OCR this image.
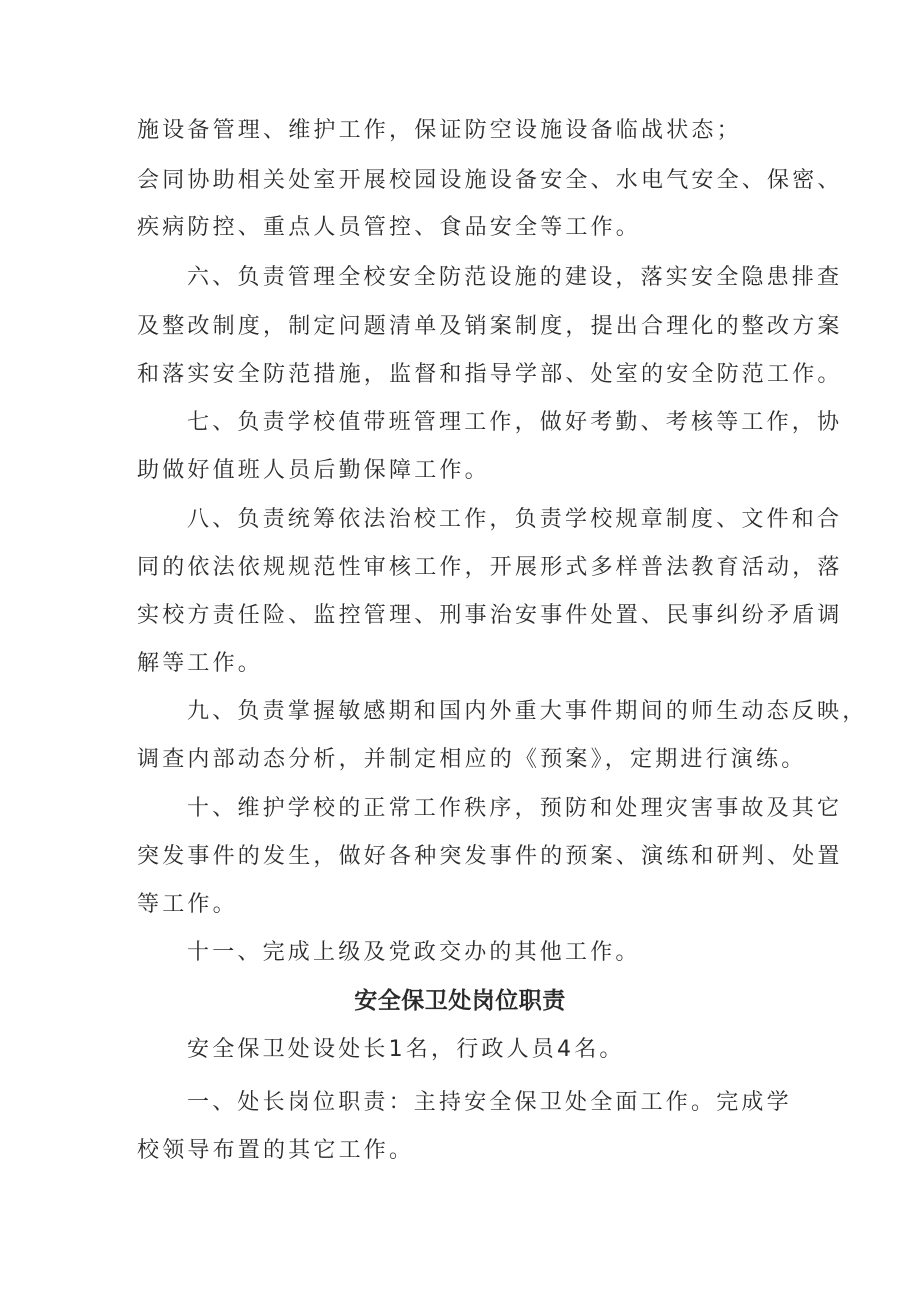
施设备管理、维护工作，保证防空设施设备临战状态；

会同协助相关处室开展校园设施设备安全、水电气安全、保密、

疾病防控、重点人员管控、食品安全等工作。

六、负责管理全校安全防范设施的建设，落实安全隐患排查

及整改制度，制定问题清单及销案制度，提出合理化的整改方案

和落实安全防范措施，监督和指导学部、处室的安全防范工作。

七、负责学校值带班管理工作，做好考勤、考核等工作，协

助做好值班人员后勤保障工作。

八、负责统筹依法治校工作，负责学校规章制度、文件和合

同的依法依规规范性审核工作，开展形式多样普法教育活动，落

实校方责任险、监控管理、刑事治安事件处置、民事纠纷矛盾调

解等工作。

九、负责掌握敏感期和国内外重大事件期间的师生动态反映，

调查内部动态分析，并制定相应的《预案》，定期进行演练。

十、维护学校的正常工作秩序，预防和处理灾害事故及其它

突发事件的发生，做好各种突发事件的预案、演练和研判、处置

等工作。

十一、完成上级及党政交办的其他工作。

安全保卫处岗位职责

安全保卫处设处长1名，行政人员4名。

一、处长岗位职责：主持安全保卫处全面工作。完成学

校领导布置的其它工作。
